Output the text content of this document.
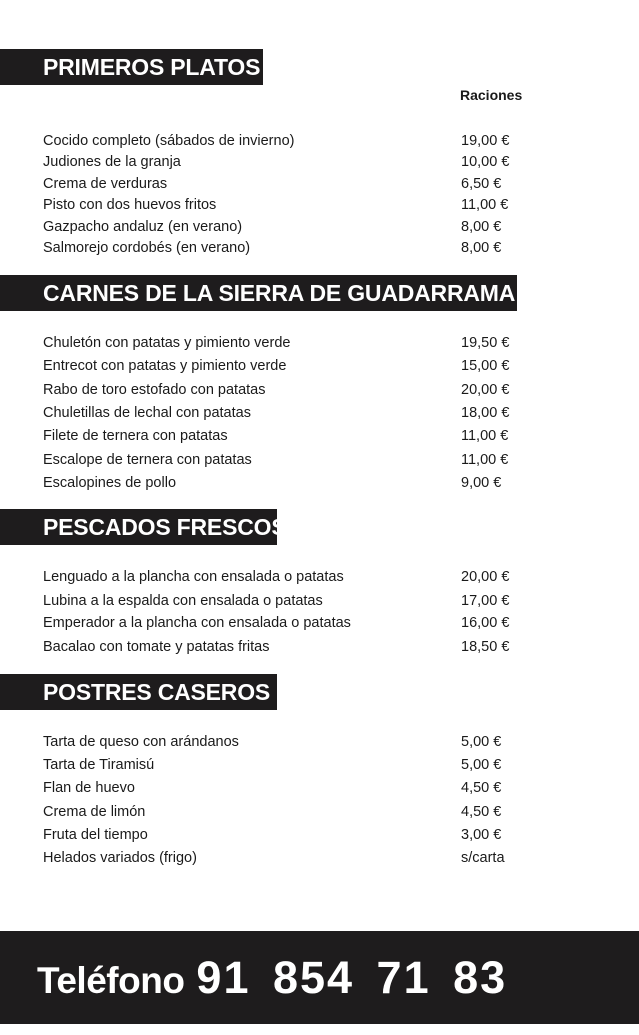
PRIMEROS PLATOS
Raciones
Cocido completo (sábados de invierno)	19,00 €
Judiones de la granja	10,00 €
Crema de verduras	6,50 €
Pisto con dos huevos fritos	11,00 €
Gazpacho andaluz (en verano)	8,00 €
Salmorejo cordobés (en verano)	8,00 €
CARNES DE LA SIERRA DE GUADARRAMA
Chuletón con patatas y pimiento verde	19,50 €
Entrecot con patatas y pimiento verde	15,00 €
Rabo de toro estofado con patatas	20,00 €
Chuletillas de lechal con patatas	18,00 €
Filete de ternera con patatas	11,00 €
Escalope de ternera con patatas	11,00 €
Escalopines de pollo	9,00 €
PESCADOS FRESCOS
Lenguado a la plancha con ensalada o patatas	20,00 €
Lubina a la espalda con ensalada o patatas	17,00 €
Emperador a la plancha con ensalada o patatas	16,00 €
Bacalao con tomate y patatas fritas	18,50 €
POSTRES CASEROS
Tarta de queso con arándanos	5,00 €
Tarta de Tiramisú	5,00 €
Flan de huevo	4,50 €
Crema de limón	4,50 €
Fruta del tiempo	3,00 €
Helados variados (frigo)	s/carta
Teléfono 91 854 71 83
